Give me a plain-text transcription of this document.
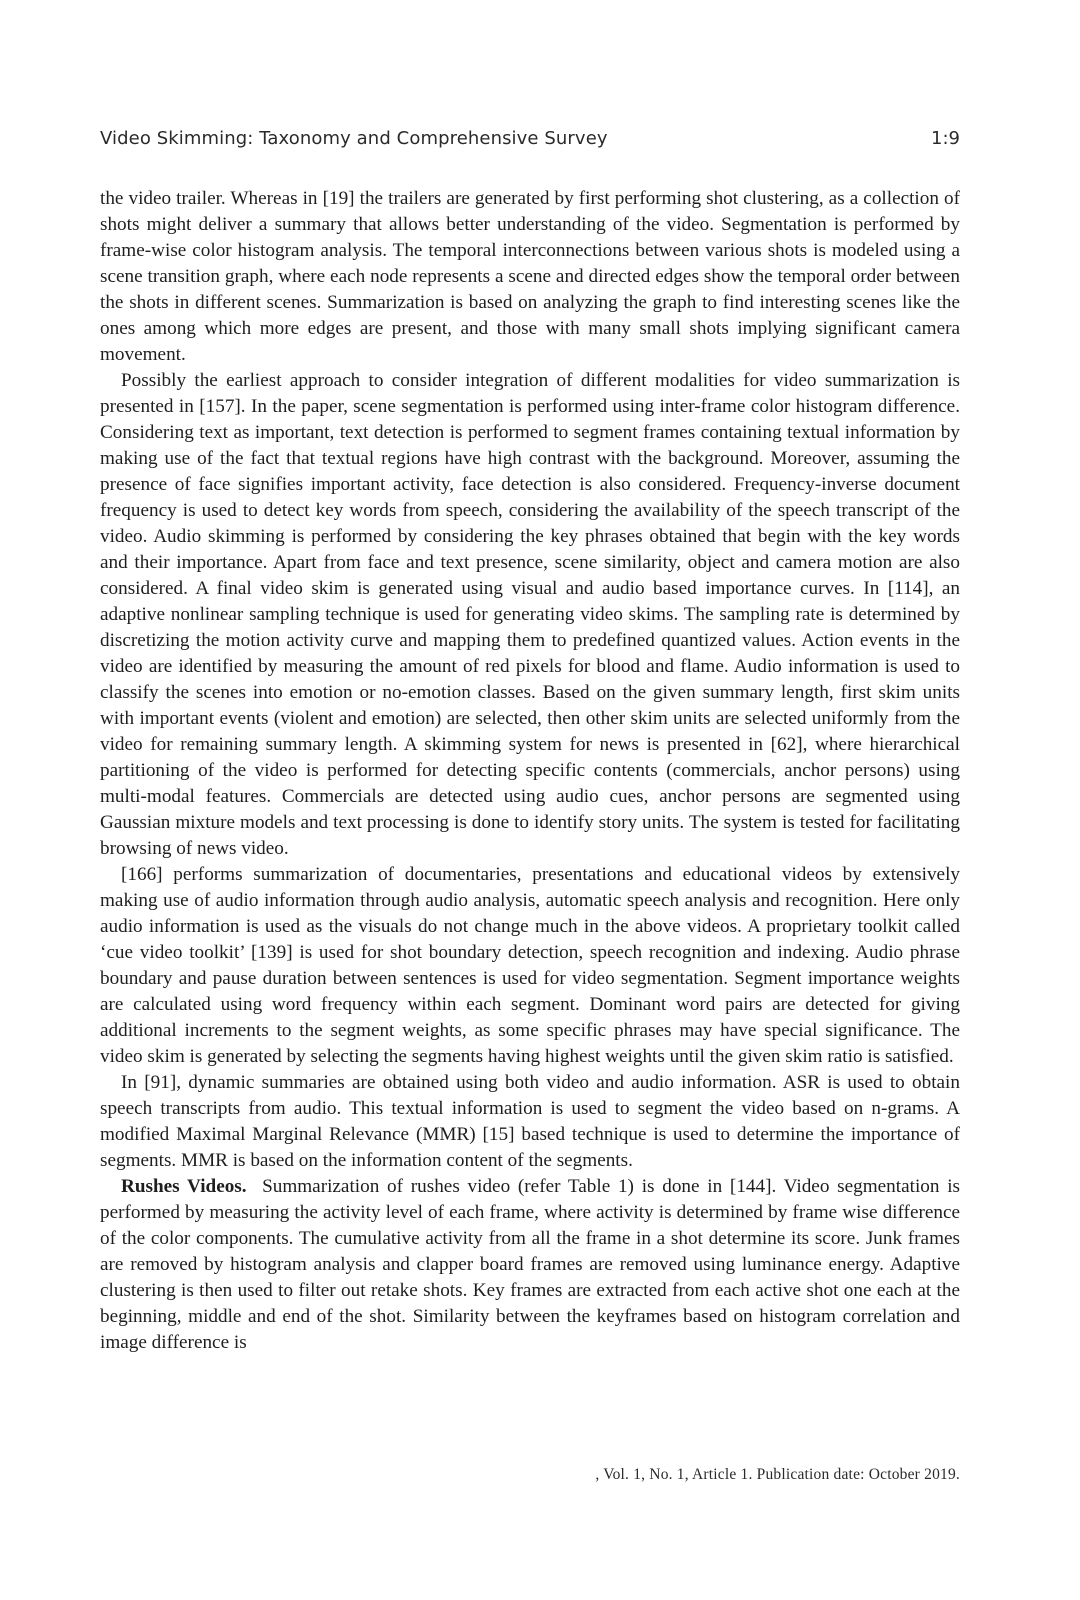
Video Skimming: Taxonomy and Comprehensive Survey	1:9

the video trailer. Whereas in [19] the trailers are generated by first performing shot clustering, as a collection of shots might deliver a summary that allows better understanding of the video. Segmentation is performed by frame-wise color histogram analysis. The temporal interconnections between various shots is modeled using a scene transition graph, where each node represents a scene and directed edges show the temporal order between the shots in different scenes. Summarization is based on analyzing the graph to find interesting scenes like the ones among which more edges are present, and those with many small shots implying significant camera movement.

Possibly the earliest approach to consider integration of different modalities for video summarization is presented in [157]. In the paper, scene segmentation is performed using inter-frame color histogram difference. Considering text as important, text detection is performed to segment frames containing textual information by making use of the fact that textual regions have high contrast with the background. Moreover, assuming the presence of face signifies important activity, face detection is also considered. Frequency-inverse document frequency is used to detect key words from speech, considering the availability of the speech transcript of the video. Audio skimming is performed by considering the key phrases obtained that begin with the key words and their importance. Apart from face and text presence, scene similarity, object and camera motion are also considered. A final video skim is generated using visual and audio based importance curves. In [114], an adaptive nonlinear sampling technique is used for generating video skims. The sampling rate is determined by discretizing the motion activity curve and mapping them to predefined quantized values. Action events in the video are identified by measuring the amount of red pixels for blood and flame. Audio information is used to classify the scenes into emotion or no-emotion classes. Based on the given summary length, first skim units with important events (violent and emotion) are selected, then other skim units are selected uniformly from the video for remaining summary length. A skimming system for news is presented in [62], where hierarchical partitioning of the video is performed for detecting specific contents (commercials, anchor persons) using multi-modal features. Commercials are detected using audio cues, anchor persons are segmented using Gaussian mixture models and text processing is done to identify story units. The system is tested for facilitating browsing of news video.

[166] performs summarization of documentaries, presentations and educational videos by extensively making use of audio information through audio analysis, automatic speech analysis and recognition. Here only audio information is used as the visuals do not change much in the above videos. A proprietary toolkit called ‘cue video toolkit’ [139] is used for shot boundary detection, speech recognition and indexing. Audio phrase boundary and pause duration between sentences is used for video segmentation. Segment importance weights are calculated using word frequency within each segment. Dominant word pairs are detected for giving additional increments to the segment weights, as some specific phrases may have special significance. The video skim is generated by selecting the segments having highest weights until the given skim ratio is satisfied.

In [91], dynamic summaries are obtained using both video and audio information. ASR is used to obtain speech transcripts from audio. This textual information is used to segment the video based on n-grams. A modified Maximal Marginal Relevance (MMR) [15] based technique is used to determine the importance of segments. MMR is based on the information content of the segments.

Rushes Videos. Summarization of rushes video (refer Table 1) is done in [144]. Video segmentation is performed by measuring the activity level of each frame, where activity is determined by frame wise difference of the color components. The cumulative activity from all the frame in a shot determine its score. Junk frames are removed by histogram analysis and clapper board frames are removed using luminance energy. Adaptive clustering is then used to filter out retake shots. Key frames are extracted from each active shot one each at the beginning, middle and end of the shot. Similarity between the keyframes based on histogram correlation and image difference is

, Vol. 1, No. 1, Article 1. Publication date: October 2019.
